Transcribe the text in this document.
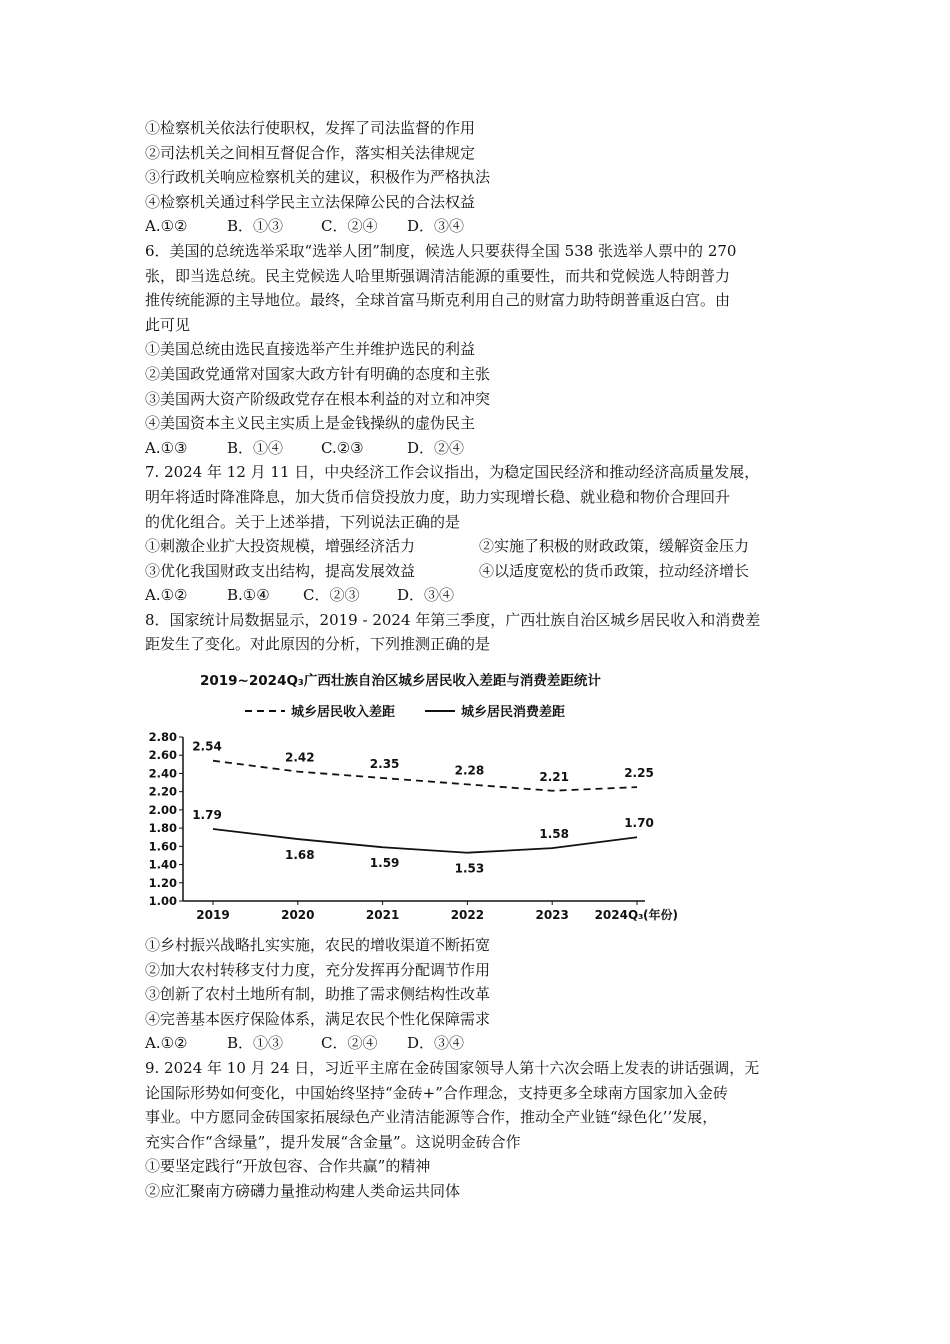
①检察机关依法行使职权，发挥了司法监督的作用
②司法机关之间相互督促合作，落实相关法律规定
③行政机关响应检察机关的建议，积极作为严格执法
④检察机关通过科学民主立法保障公民的合法权益
A.①②	B．①③	C．②④ D．③④
6．美国的总统选举采取“选举人团”制度，候选人只要获得全国 538 张选举人票中的 270
张，即当选总统。民主党候选人哈里斯强调清洁能源的重要性，而共和党候选人特朗普力
推传统能源的主导地位。最终，全球首富马斯克利用自己的财富力助特朗普重返白宫。由
此可见
①美国总统由选民直接选举产生并维护选民的利益
②美国政党通常对国家大政方针有明确的态度和主张
③美国两大资产阶级政党存在根本利益的对立和冲突
④美国资本主义民主实质上是金钱操纵的虚伪民主
A.①③	B．①④	C.②③	D．②④
7. 2024 年 12 月 11 日，中央经济工作会议指出，为稳定国民经济和推动经济高质量发展，
明年将适时降准降息，加大货币信贷投放力度，助力实现增长稳、就业稳和物价合理回升
的优化组合。关于上述举措，下列说法正确的是
①刺激企业扩大投资规模，增强经济活力	②实施了积极的财政政策，缓解资金压力
③优化我国财政支出结构，提高发展效益	④以适度宽松的货币政策，拉动经济增长
A.①②	B.①④ C．②③	D．③④
8．国家统计局数据显示，2019 - 2024 年第三季度，广西壮族自治区城乡居民收入和消费差
距发生了变化。对此原因的分析，下列推测正确的是
2019~2024Q₃广西壮族自治区城乡居民收入差距与消费差距统计
城乡居民收入差距	城乡居民消费差距
2.80
2.60
2.40
2.20
2.00
1.80
1.60
1.40
1.20
1.00
2019	2020	2021	2022	2023 2024Q₃ (年份)
2.54
2.42	2.35	2.28	2.21	2.25
1.79
1.68
1.59	1.53
1.58
1.70
①乡村振兴战略扎实实施，农民的增收渠道不断拓宽
②加大农村转移支付力度，充分发挥再分配调节作用
③创新了农村土地所有制，助推了需求侧结构性改革
④完善基本医疗保险体系，满足农民个性化保障需求
A.①②	B．①③	C．②④ D．③④
9. 2024 年 10 月 24 日，习近平主席在金砖国家领导人第十六次会晤上发表的讲话强调，无
论国际形势如何变化，中国始终坚持“金砖+”合作理念，支持更多全球南方国家加入金砖
事业。中方愿同金砖国家拓展绿色产业清洁能源等合作，推动全产业链“绿色化’’发展，
充实合作“含绿量”，提升发展“含金量”。这说明金砖合作
①要坚定践行“开放包容、合作共赢”的精神
②应汇聚南方磅礴力量推动构建人类命运共同体
